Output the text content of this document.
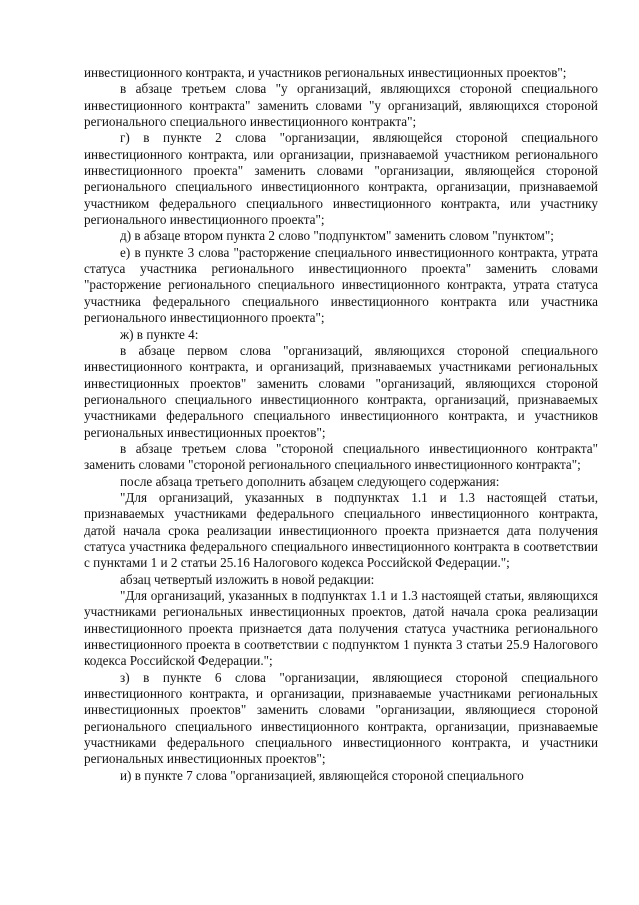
инвестиционного контракта, и участников региональных инвестиционных проектов";

в абзаце третьем слова "у организаций, являющихся стороной специального инвестиционного контракта" заменить словами "у организаций, являющихся стороной регионального специального инвестиционного контракта";

г) в пункте 2 слова "организации, являющейся стороной специального инвестиционного контракта, или организации, признаваемой участником регионального инвестиционного проекта" заменить словами "организации, являющейся стороной регионального специального инвестиционного контракта, организации, признаваемой участником федерального специального инвестиционного контракта, или участнику регионального инвестиционного проекта";

д) в абзаце втором пункта 2 слово "подпунктом" заменить словом "пунктом";

е) в пункте 3 слова "расторжение специального инвестиционного контракта, утрата статуса участника регионального инвестиционного проекта" заменить словами "расторжение регионального специального инвестиционного контракта, утрата статуса участника федерального специального инвестиционного контракта или участника регионального инвестиционного проекта";

ж) в пункте 4:

в абзаце первом слова "организаций, являющихся стороной специального инвестиционного контракта, и организаций, признаваемых участниками региональных инвестиционных проектов" заменить словами "организаций, являющихся стороной регионального специального инвестиционного контракта, организаций, признаваемых участниками федерального специального инвестиционного контракта, и участников региональных инвестиционных проектов";

в абзаце третьем слова "стороной специального инвестиционного контракта" заменить словами "стороной регионального специального инвестиционного контракта";

после абзаца третьего дополнить абзацем следующего содержания:

"Для организаций, указанных в подпунктах 1.1 и 1.3 настоящей статьи, признаваемых участниками федерального специального инвестиционного контракта, датой начала срока реализации инвестиционного проекта признается дата получения статуса участника федерального специального инвестиционного контракта в соответствии с пунктами 1 и 2 статьи 25.16 Налогового кодекса Российской Федерации.";

абзац четвертый изложить в новой редакции:

"Для организаций, указанных в подпунктах 1.1 и 1.3 настоящей статьи, являющихся участниками региональных инвестиционных проектов, датой начала срока реализации инвестиционного проекта признается дата получения статуса участника регионального инвестиционного проекта в соответствии с подпунктом 1 пункта 3 статьи 25.9 Налогового кодекса Российской Федерации.";

з) в пункте 6 слова "организации, являющиеся стороной специального инвестиционного контракта, и организации, признаваемые участниками региональных инвестиционных проектов" заменить словами "организации, являющиеся стороной регионального специального инвестиционного контракта, организации, признаваемые участниками федерального специального инвестиционного контракта, и участники региональных инвестиционных проектов";

и) в пункте 7 слова "организацией, являющейся стороной специального
